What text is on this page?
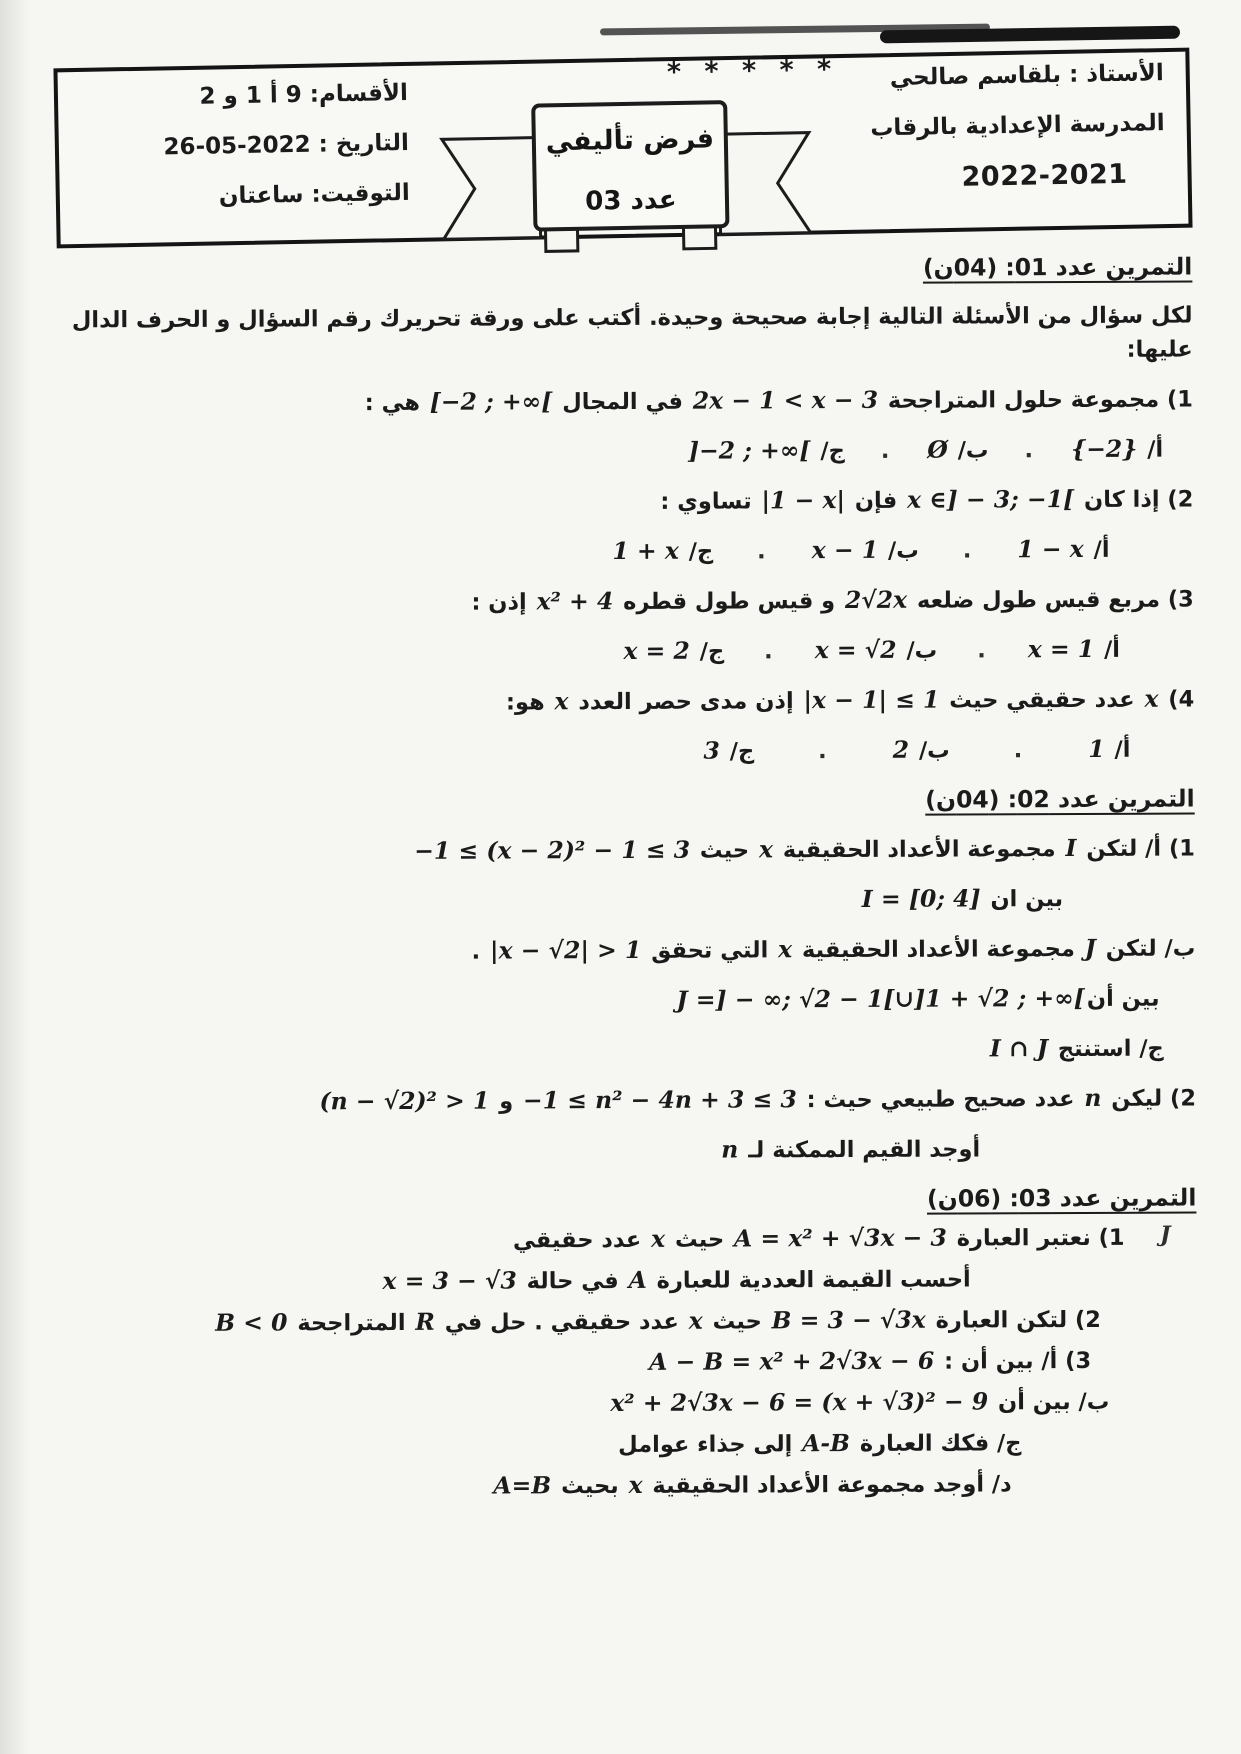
الأستاذ : بلقاسم صالحي
المدرسة الإعدادية بالرقاب
2022-2021
* * * * *
فرض تأليفي
عدد 03
الأقسام: 9 أ 1 و 2
التاريخ : 2022-05-26
التوقيت: ساعتان
التمرين عدد 01: (04ن)
لكل سؤال من الأسئلة التالية إجابة صحيحة وحيدة. أكتب على ورقة تحريرك رقم السؤال و الحرف الدال عليها:
1) مجموعة حلول المتراجحة 2x − 1 < x − 3 في المجال [−2 ; +∞[ هي :
أ/ {−2}.ب/ Ø.ج/ ]−2 ; +∞[
2) إذا كان x ∈] − 3; −1[ فإن |1 − x| تساوي :
أ/ 1 − x.ب/ x − 1.ج/ 1 + x
3) مربع قيس طول ضلعه 2√2x و قيس طول قطره x² + 4 إذن :
أ/ x = 1.ب/ x = √2.ج/ x = 2
4) x عدد حقيقي حيث |x − 1| ≤ 1 إذن مدى حصر العدد x هو:
أ/ 1.ب/ 2.ج/ 3
التمرين عدد 02: (04ن)
1) أ/ لتكن I مجموعة الأعداد الحقيقية x حيث −1 ≤ (x − 2)² − 1 ≤ 3
بين ان I = [0; 4]
ب/ لتكن J مجموعة الأعداد الحقيقية x التي تحقق |x − √2| > 1 .
بين أنJ =] − ∞; √2 − 1[∪]1 + √2 ; +∞[
ج/ استنتج I ∩ J
2) ليكن n عدد صحيح طبيعي حيث : −1 ≤ n² − 4n + 3 ≤ 3 و (n − √2)² > 1
أوجد القيم الممكنة لـ n
التمرين عدد 03: (06ن)
J
1) نعتبر العبارة A = x² + √3x − 3 حيث x عدد حقيقي
أحسب القيمة العددية للعبارة A في حالة x = 3 − √3
2) لتكن العبارة B = 3 − √3x حيث x عدد حقيقي . حل في R المتراجحة B < 0
3) أ/ بين أن : A − B = x² + 2√3x − 6
ب/ بين أن x² + 2√3x − 6 = (x + √3)² − 9
ج/ فكك العبارة A-B إلى جذاء عوامل
د/ أوجد مجموعة الأعداد الحقيقية x بحيث A=B
